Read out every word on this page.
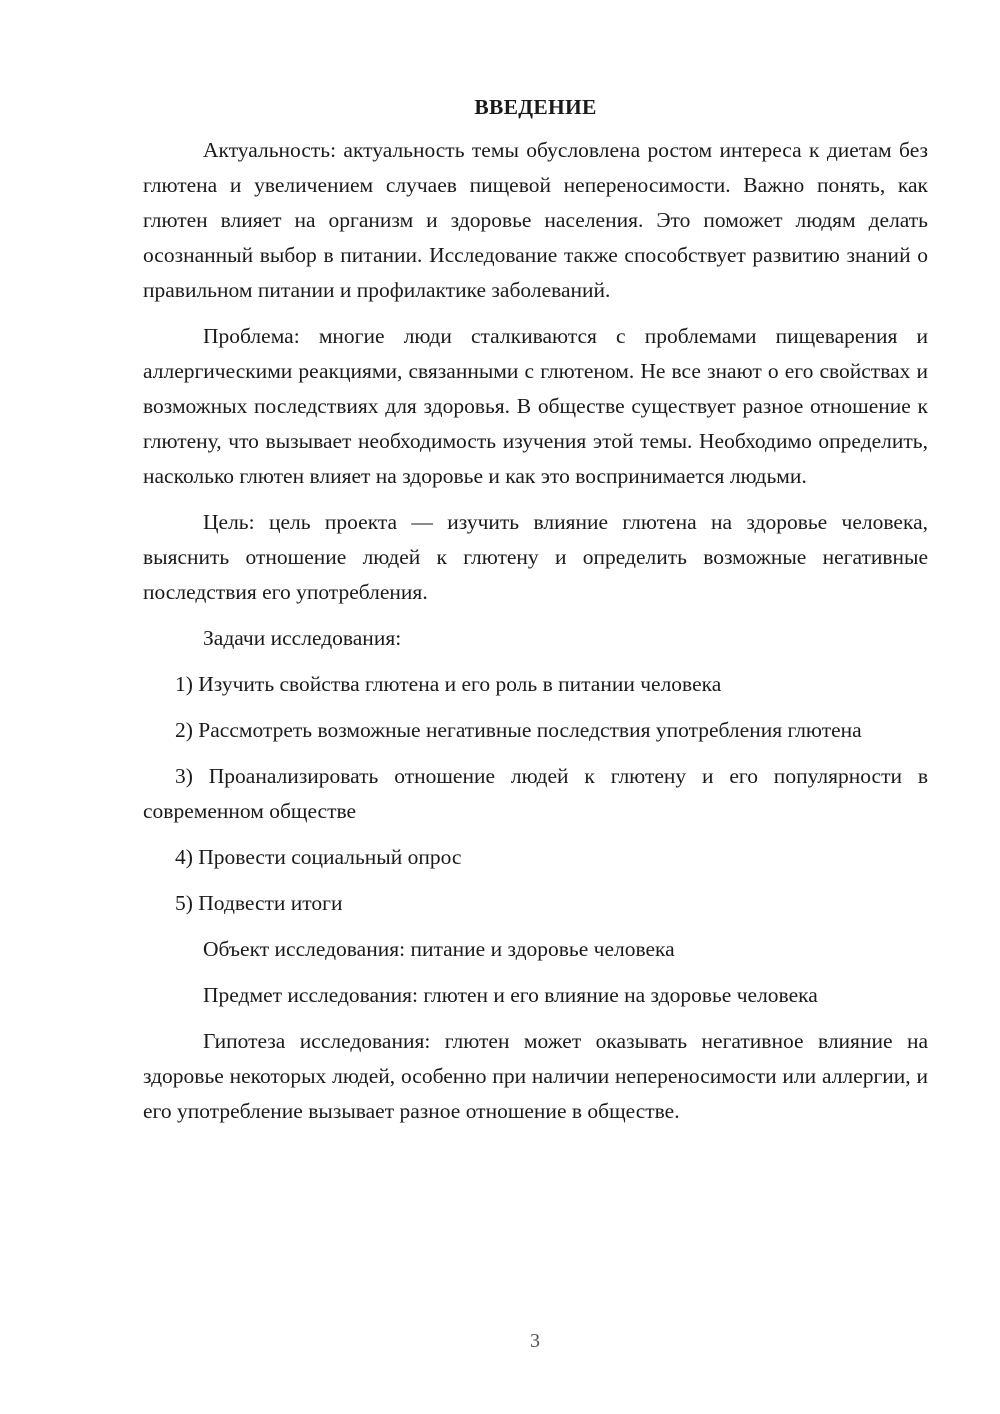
ВВЕДЕНИЕ

Актуальность: актуальность темы обусловлена ростом интереса к диетам без глютена и увеличением случаев пищевой непереносимости. Важно понять, как глютен влияет на организм и здоровье населения. Это поможет людям делать осознанный выбор в питании. Исследование также способствует развитию знаний о правильном питании и профилактике заболеваний.

Проблема: многие люди сталкиваются с проблемами пищеварения и аллергическими реакциями, связанными с глютеном. Не все знают о его свойствах и возможных последствиях для здоровья. В обществе существует разное отношение к глютену, что вызывает необходимость изучения этой темы. Необходимо определить, насколько глютен влияет на здоровье и как это воспринимается людьми.

Цель: цель проекта — изучить влияние глютена на здоровье человека, выяснить отношение людей к глютену и определить возможные негативные последствия его употребления.

Задачи исследования:

1) Изучить свойства глютена и его роль в питании человека

2) Рассмотреть возможные негативные последствия употребления глютена

3) Проанализировать отношение людей к глютену и его популярности в современном обществе

4) Провести социальный опрос

5) Подвести итоги

Объект исследования: питание и здоровье человека

Предмет исследования: глютен и его влияние на здоровье человека

Гипотеза исследования: глютен может оказывать негативное влияние на здоровье некоторых людей, особенно при наличии непереносимости или аллергии, и его употребление вызывает разное отношение в обществе.

3
